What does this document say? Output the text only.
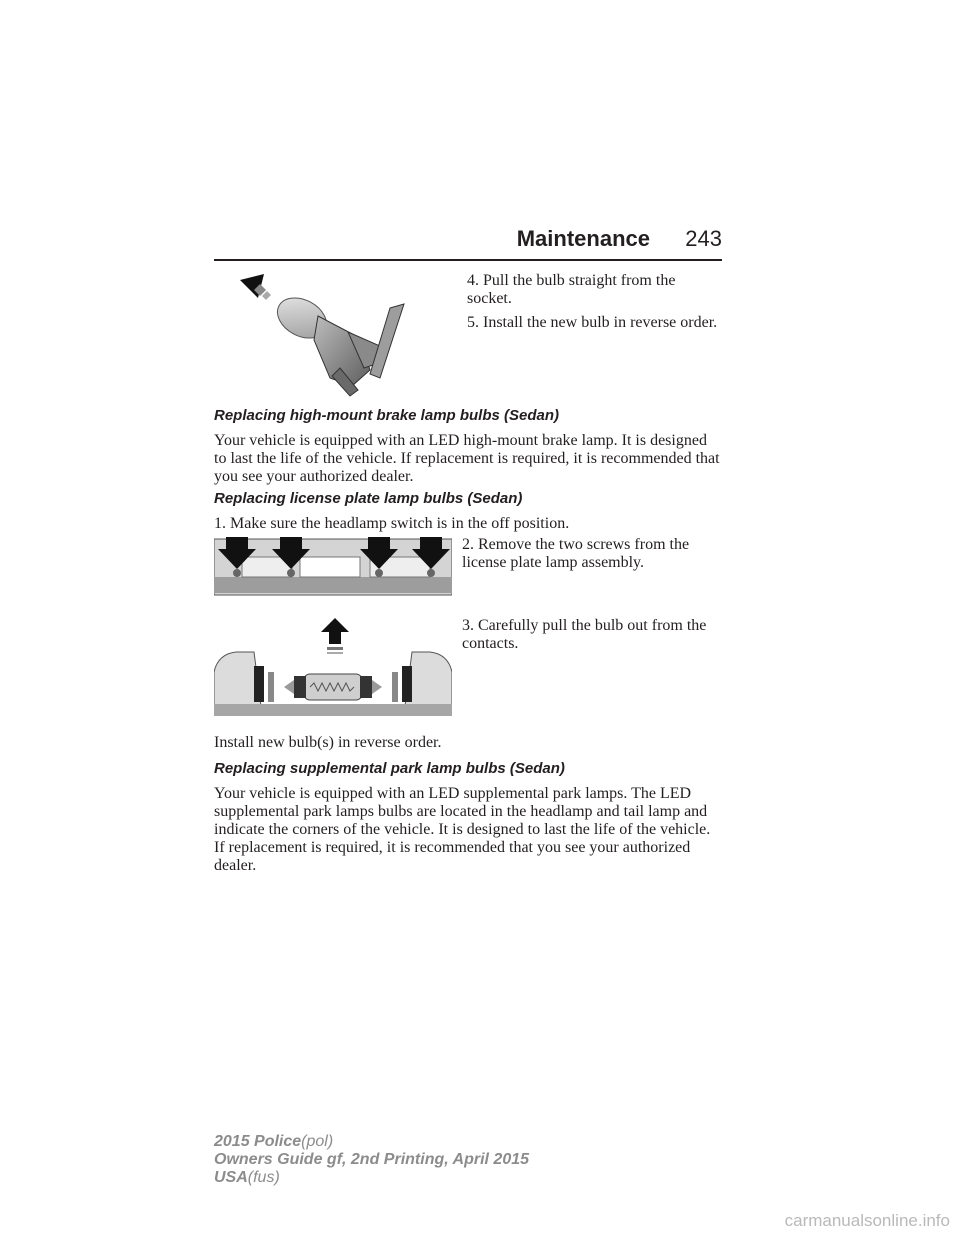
Maintenance	243

4. Pull the bulb straight from the socket.

5. Install the new bulb in reverse order.

Replacing high-mount brake lamp bulbs (Sedan)

Your vehicle is equipped with an LED high-mount brake lamp. It is designed to last the life of the vehicle. If replacement is required, it is recommended that you see your authorized dealer.

Replacing license plate lamp bulbs (Sedan)

1. Make sure the headlamp switch is in the off position.

2. Remove the two screws from the license plate lamp assembly.

3. Carefully pull the bulb out from the contacts.

Install new bulb(s) in reverse order.

Replacing supplemental park lamp bulbs (Sedan)

Your vehicle is equipped with an LED supplemental park lamps. The LED supplemental park lamps bulbs are located in the headlamp and tail lamp and indicate the corners of the vehicle. It is designed to last the life of the vehicle. If replacement is required, it is recommended that you see your authorized dealer.

2015 Police(pol)
Owners Guide gf, 2nd Printing, April 2015
USA(fus)
carmanualsonline.info
